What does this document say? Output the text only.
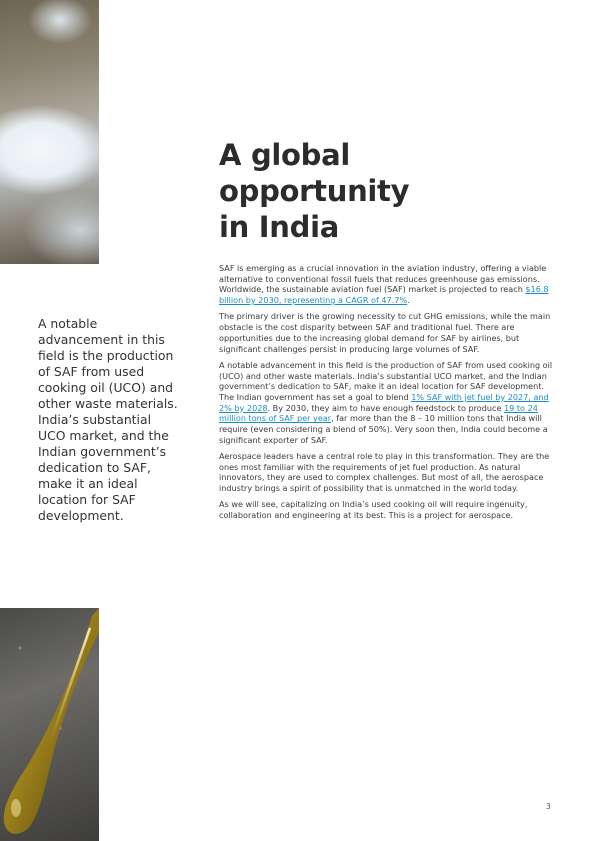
A notable advancement in this field is the production of SAF from used cooking oil (UCO) and other waste materials. India’s substantial UCO market, and the Indian government’s dedication to SAF, make it an ideal location for SAF development.

A global
opportunity
in India

SAF is emerging as a crucial innovation in the aviation industry, offering a viable alternative to conventional fossil fuels that reduces greenhouse gas emissions. Worldwide, the sustainable aviation fuel (SAF) market is projected to reach $16.8 billion by 2030, representing a CAGR of 47.7%.

The primary driver is the growing necessity to cut GHG emissions, while the main obstacle is the cost disparity between SAF and traditional fuel. There are opportunities due to the increasing global demand for SAF by airlines, but significant challenges persist in producing large volumes of SAF.

A notable advancement in this field is the production of SAF from used cooking oil (UCO) and other waste materials. India’s substantial UCO market, and the Indian government’s dedication to SAF, make it an ideal location for SAF development. The Indian government has set a goal to blend 1% SAF with jet fuel by 2027, and 2% by 2028. By 2030, they aim to have enough feedstock to produce 19 to 24 million tons of SAF per year, far more than the 8 – 10 million tons that India will require (even considering a blend of 50%). Very soon then, India could become a significant exporter of SAF.

Aerospace leaders have a central role to play in this transformation. They are the ones most familiar with the requirements of jet fuel production. As natural innovators, they are used to complex challenges. But most of all, the aerospace industry brings a spirit of possibility that is unmatched in the world today.

As we will see, capitalizing on India’s used cooking oil will require ingenuity, collaboration and engineering at its best. This is a project for aerospace.

3
